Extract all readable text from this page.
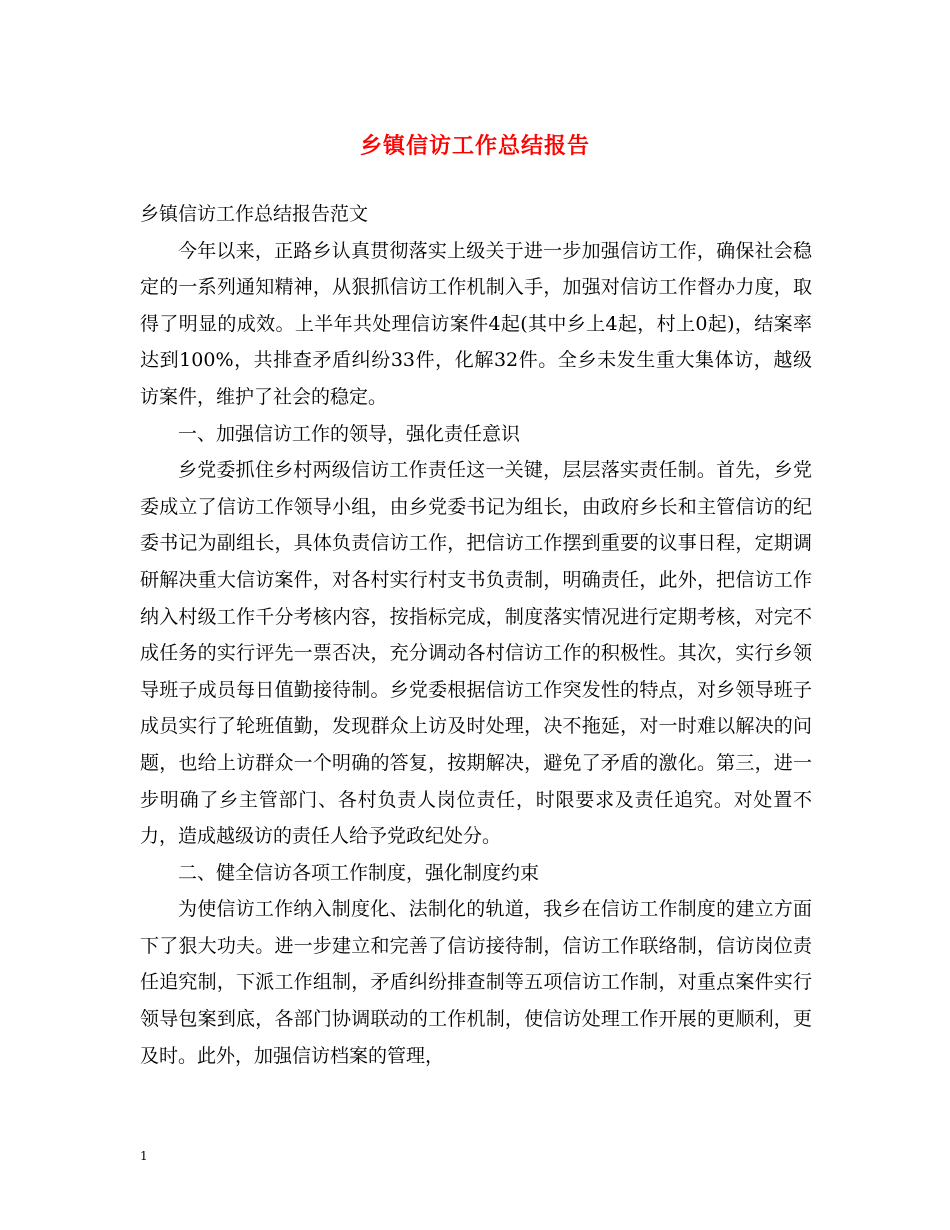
乡镇信访工作总结报告

乡镇信访工作总结报告范文

今年以来，正路乡认真贯彻落实上级关于进一步加强信访工作，确保社会稳定的一系列通知精神，从狠抓信访工作机制入手，加强对信访工作督办力度，取得了明显的成效。上半年共处理信访案件4起(其中乡上4起，村上0起)，结案率达到100%，共排查矛盾纠纷33件，化解32件。全乡未发生重大集体访，越级访案件，维护了社会的稳定。

一、加强信访工作的领导，强化责任意识

乡党委抓住乡村两级信访工作责任这一关键，层层落实责任制。首先，乡党委成立了信访工作领导小组，由乡党委书记为组长，由政府乡长和主管信访的纪委书记为副组长，具体负责信访工作，把信访工作摆到重要的议事日程，定期调研解决重大信访案件，对各村实行村支书负责制，明确责任，此外，把信访工作纳入村级工作千分考核内容，按指标完成，制度落实情况进行定期考核，对完不成任务的实行评先一票否决，充分调动各村信访工作的积极性。其次，实行乡领导班子成员每日值勤接待制。乡党委根据信访工作突发性的特点，对乡领导班子成员实行了轮班值勤，发现群众上访及时处理，决不拖延，对一时难以解决的问题，也给上访群众一个明确的答复，按期解决，避免了矛盾的激化。第三，进一步明确了乡主管部门、各村负责人岗位责任，时限要求及责任追究。对处置不力，造成越级访的责任人给予党政纪处分。

二、健全信访各项工作制度，强化制度约束

为使信访工作纳入制度化、法制化的轨道，我乡在信访工作制度的建立方面下了狠大功夫。进一步建立和完善了信访接待制，信访工作联络制，信访岗位责任追究制，下派工作组制，矛盾纠纷排查制等五项信访工作制，对重点案件实行领导包案到底，各部门协调联动的工作机制，使信访处理工作开展的更顺利，更及时。此外，加强信访档案的管理，

1
